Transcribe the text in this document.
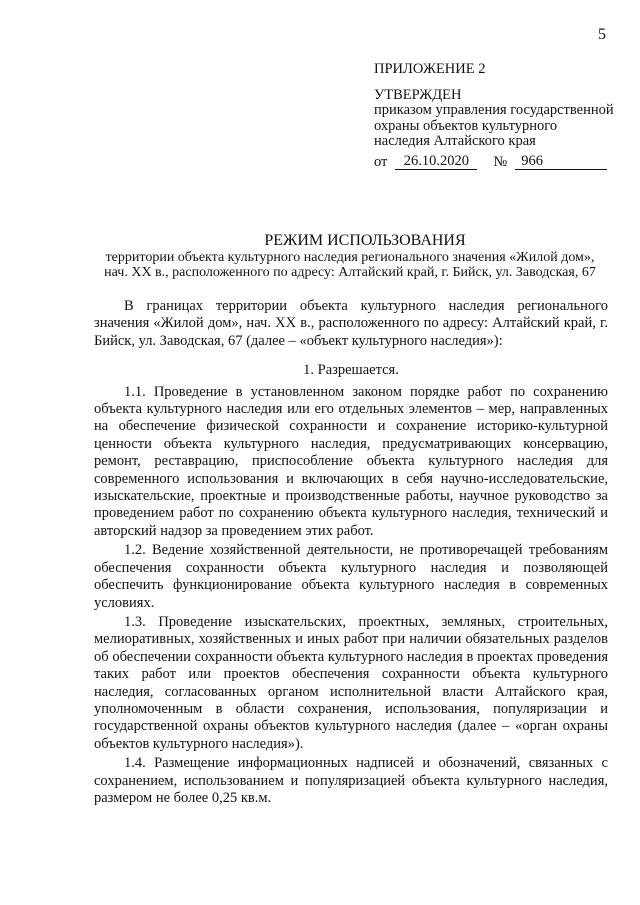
5
ПРИЛОЖЕНИЕ 2
УТВЕРЖДЕН
приказом управления государственной охраны объектов культурного наследия Алтайского края
от	26.10.2020	№ 966
РЕЖИМ ИСПОЛЬЗОВАНИЯ
территории объекта культурного наследия регионального значения «Жилой дом», нач. XX в., расположенного по адресу: Алтайский край, г. Бийск, ул. Заводская, 67

В границах территории объекта культурного наследия регионального значения «Жилой дом», нач. XX в., расположенного по адресу: Алтайский край, г. Бийск, ул. Заводская, 67 (далее – «объект культурного наследия»):

1. Разрешается.

1.1. Проведение в установленном законом порядке работ по сохранению объекта культурного наследия или его отдельных элементов – мер, направленных на обеспечение физической сохранности и сохранение историко-культурной ценности объекта культурного наследия, предусматривающих консервацию, ремонт, реставрацию, приспособление объекта культурного наследия для современного использования и включающих в себя научно-исследовательские, изыскательские, проектные и производственные работы, научное руководство за проведением работ по сохранению объекта культурного наследия, технический и авторский надзор за проведением этих работ.

1.2. Ведение хозяйственной деятельности, не противоречащей требованиям обеспечения сохранности объекта культурного наследия и позволяющей обеспечить функционирование объекта культурного наследия в современных условиях.

1.3. Проведение изыскательских, проектных, земляных, строительных, мелиоративных, хозяйственных и иных работ при наличии обязательных разделов об обеспечении сохранности объекта культурного наследия в проектах проведения таких работ или проектов обеспечения сохранности объекта культурного наследия, согласованных органом исполнительной власти Алтайского края, уполномоченным в области сохранения, использования, популяризации и государственной охраны объектов культурного наследия (далее – «орган охраны объектов культурного наследия»).

1.4. Размещение информационных надписей и обозначений, связанных с сохранением, использованием и популяризацией объекта культурного наследия, размером не более 0,25 кв.м.
